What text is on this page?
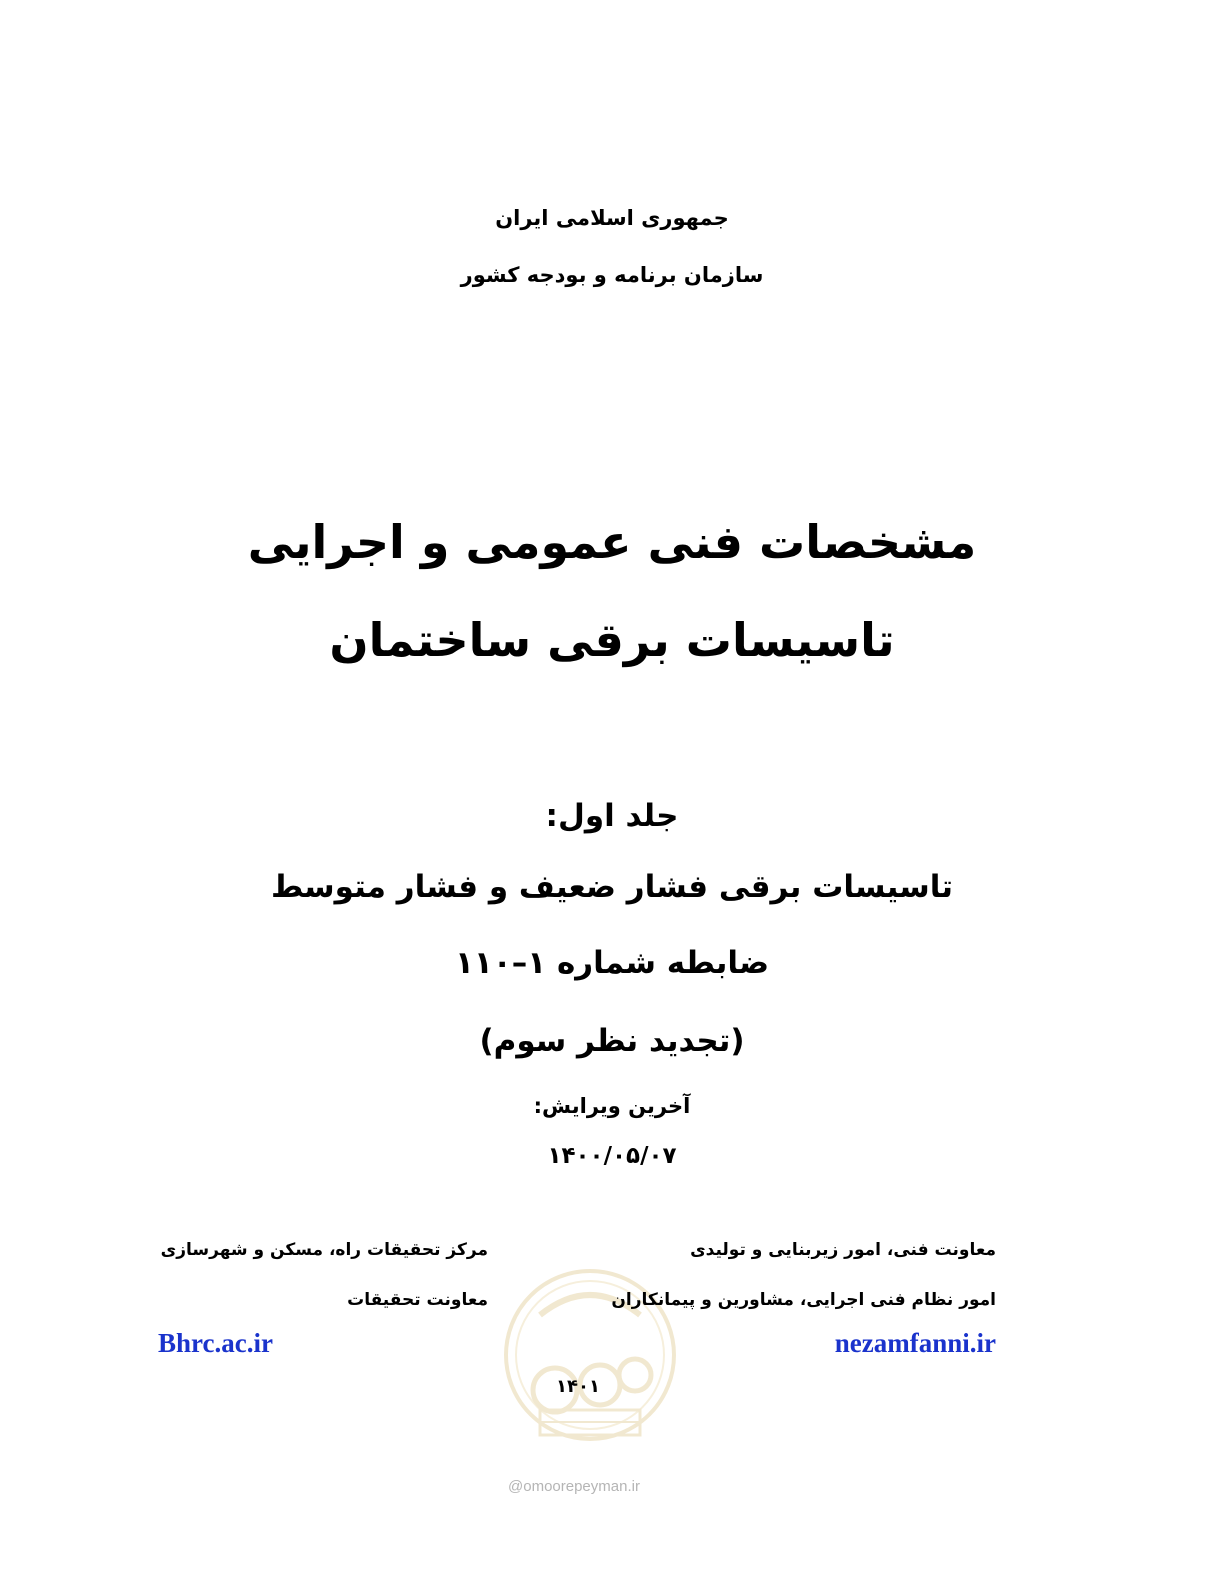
جمهوری اسلامی ایران
سازمان برنامه و بودجه کشور
مشخصات فنی عمومی و اجرایی
تاسیسات برقی ساختمان
جلد اول:
تاسیسات برقی فشار ضعیف و فشار متوسط
ضابطه شماره ۱–۱۱۰
(تجدید نظر سوم)
آخرین ویرایش:
۱۴۰۰/۰۵/۰۷
@omoorepeyman.ir
۱۴۰۱
معاونت فنی، امور زیربنایی و تولیدی
امور نظام فنی اجرایی، مشاورین و پیمانکاران
nezamfanni.ir
مرکز تحقیقات راه، مسکن و شهرسازی
معاونت تحقیقات
Bhrc.ac.ir
